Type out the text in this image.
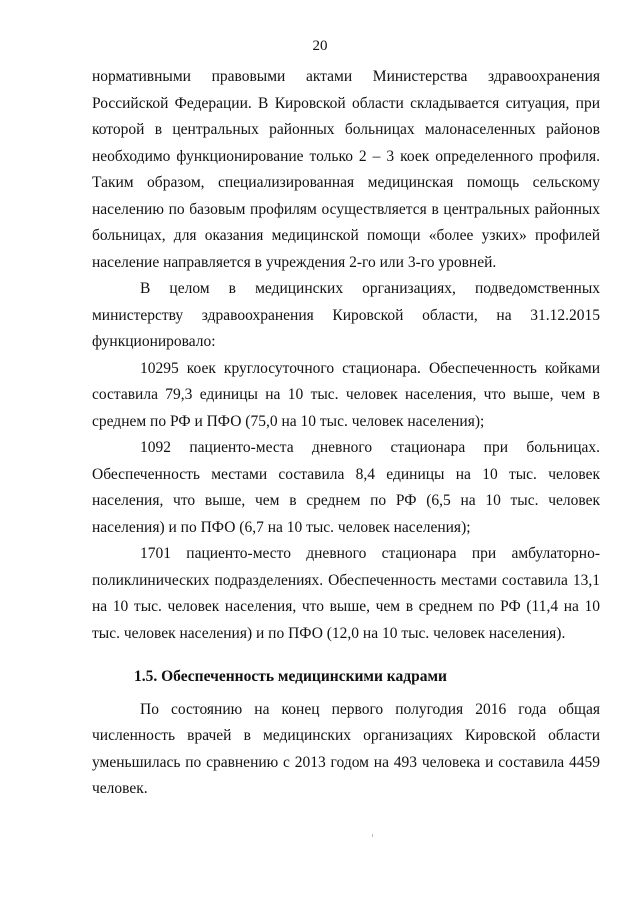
20

нормативными правовыми актами Министерства здравоохранения Российской Федерации. В Кировской области складывается ситуация, при которой в центральных районных больницах малонаселенных районов необходимо функционирование только 2 – 3 коек определенного профиля. Таким образом, специализированная медицинская помощь сельскому населению по базовым профилям осуществляется в центральных районных больницах, для оказания медицинской помощи «более узких» профилей население направляется в учреждения 2-го или 3-го уровней.

В целом в медицинских организациях, подведомственных министерству здравоохранения Кировской области, на 31.12.2015 функционировало:

10295 коек круглосуточного стационара. Обеспеченность койками составила 79,3 единицы на 10 тыс. человек населения, что выше, чем в среднем по РФ и ПФО (75,0 на 10 тыс. человек населения);

1092 пациенто-места дневного стационара при больницах. Обеспеченность местами составила 8,4 единицы на 10 тыс. человек населения, что выше, чем в среднем по РФ (6,5 на 10 тыс. человек населения) и по ПФО (6,7 на 10 тыс. человек населения);

1701 пациенто-место дневного стационара при амбулаторно-поликлинических подразделениях. Обеспеченность местами составила 13,1 на 10 тыс. человек населения, что выше, чем в среднем по РФ (11,4 на 10 тыс. человек населения) и по ПФО (12,0 на 10 тыс. человек населения).

1.5. Обеспеченность медицинскими кадрами

По состоянию на конец первого полугодия 2016 года общая численность врачей в медицинских организациях Кировской области уменьшилась по сравнению с 2013 годом на 493 человека и составила 4459 человек.
